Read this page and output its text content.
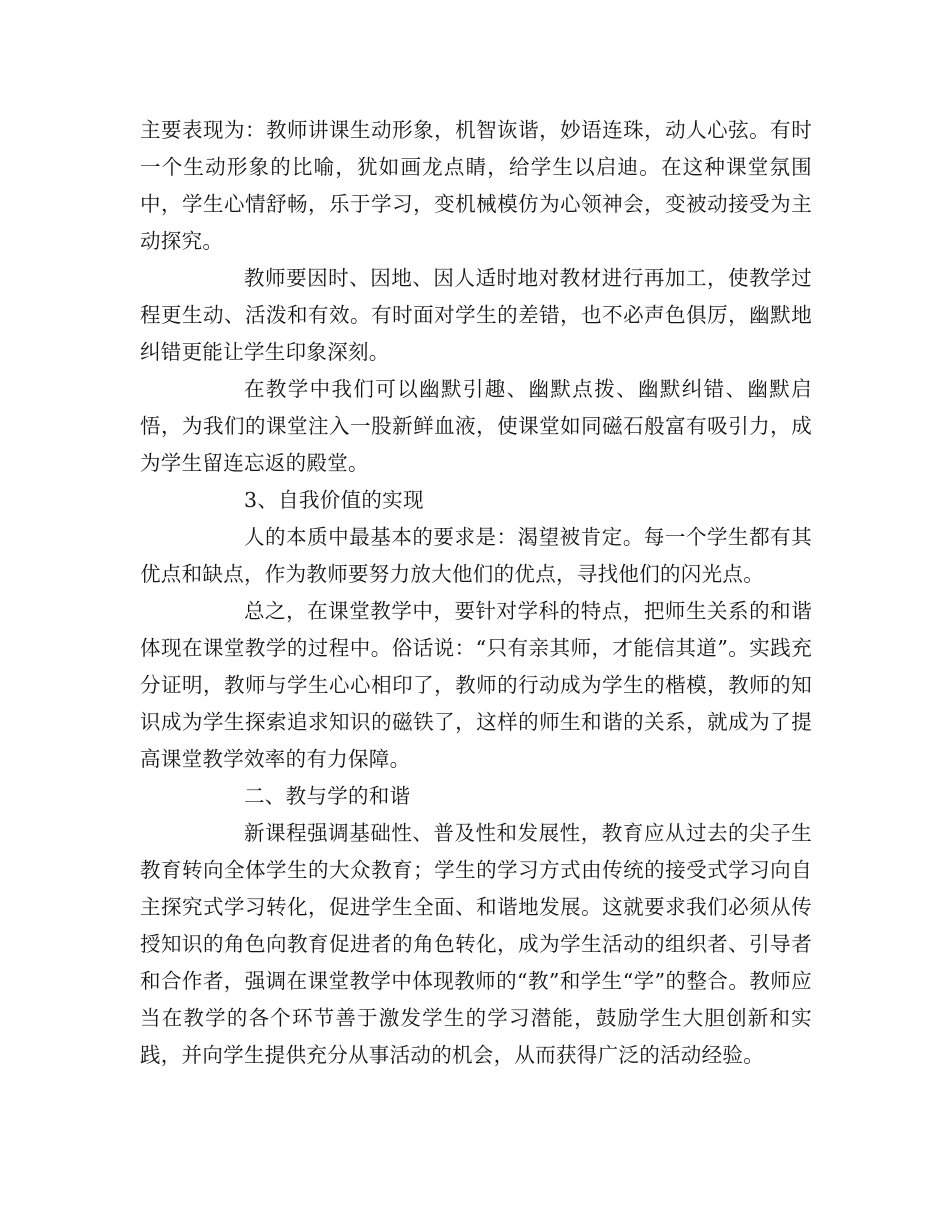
主要表现为：教师讲课生动形象，机智诙谐，妙语连珠，动人心弦。有时一个生动形象的比喻，犹如画龙点睛，给学生以启迪。在这种课堂氛围中，学生心情舒畅，乐于学习，变机械模仿为心领神会，变被动接受为主动探究。

教师要因时、因地、因人适时地对教材进行再加工，使教学过程更生动、活泼和有效。有时面对学生的差错，也不必声色俱厉，幽默地纠错更能让学生印象深刻。

在教学中我们可以幽默引趣、幽默点拨、幽默纠错、幽默启悟，为我们的课堂注入一股新鲜血液，使课堂如同磁石般富有吸引力，成为学生留连忘返的殿堂。

3、自我价值的实现

人的本质中最基本的要求是：渴望被肯定。每一个学生都有其优点和缺点，作为教师要努力放大他们的优点，寻找他们的闪光点。

总之，在课堂教学中，要针对学科的特点，把师生关系的和谐体现在课堂教学的过程中。俗话说：“只有亲其师，才能信其道”。实践充分证明，教师与学生心心相印了，教师的行动成为学生的楷模，教师的知识成为学生探索追求知识的磁铁了，这样的师生和谐的关系，就成为了提高课堂教学效率的有力保障。

二、教与学的和谐

新课程强调基础性、普及性和发展性，教育应从过去的尖子生教育转向全体学生的大众教育；学生的学习方式由传统的接受式学习向自主探究式学习转化，促进学生全面、和谐地发展。这就要求我们必须从传授知识的角色向教育促进者的角色转化，成为学生活动的组织者、引导者和合作者，强调在课堂教学中体现教师的“教”和学生“学”的整合。教师应当在教学的各个环节善于激发学生的学习潜能，鼓励学生大胆创新和实践，并向学生提供充分从事活动的机会，从而获得广泛的活动经验。
